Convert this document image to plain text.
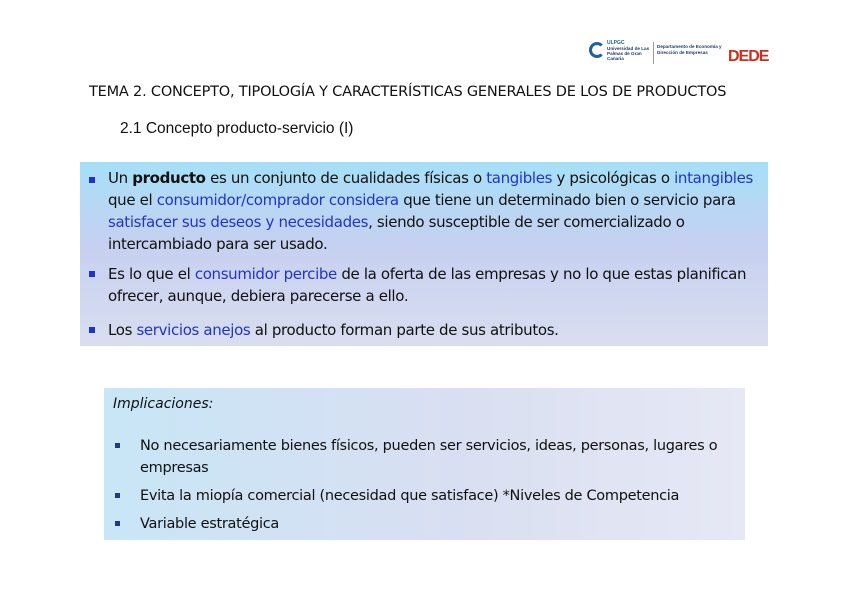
ULPGC
Universidad de Las Palmas de Gran Canaria
Departamento de Economía y Dirección de Empresas	DEDE
TEMA 2. CONCEPTO, TIPOLOGÍA Y CARACTERÍSTICAS GENERALES DE LOS DE PRODUCTOS
2.1 Concepto producto-servicio (I)
Un producto es un conjunto de cualidades físicas o tangibles y psicológicas o intangibles que el consumidor/comprador considera que tiene un determinado bien o servicio para satisfacer sus deseos y necesidades, siendo susceptible de ser comercializado o intercambiado para ser usado.
Es lo que el consumidor percibe de la oferta de las empresas y no lo que estas planifican ofrecer, aunque, debiera parecerse a ello.
Los servicios anejos al producto forman parte de sus atributos.

Implicaciones:

No necesariamente bienes físicos, pueden ser servicios, ideas, personas, lugares o empresas
Evita la miopía comercial (necesidad que satisface) *Niveles de Competencia
Variable estratégica
